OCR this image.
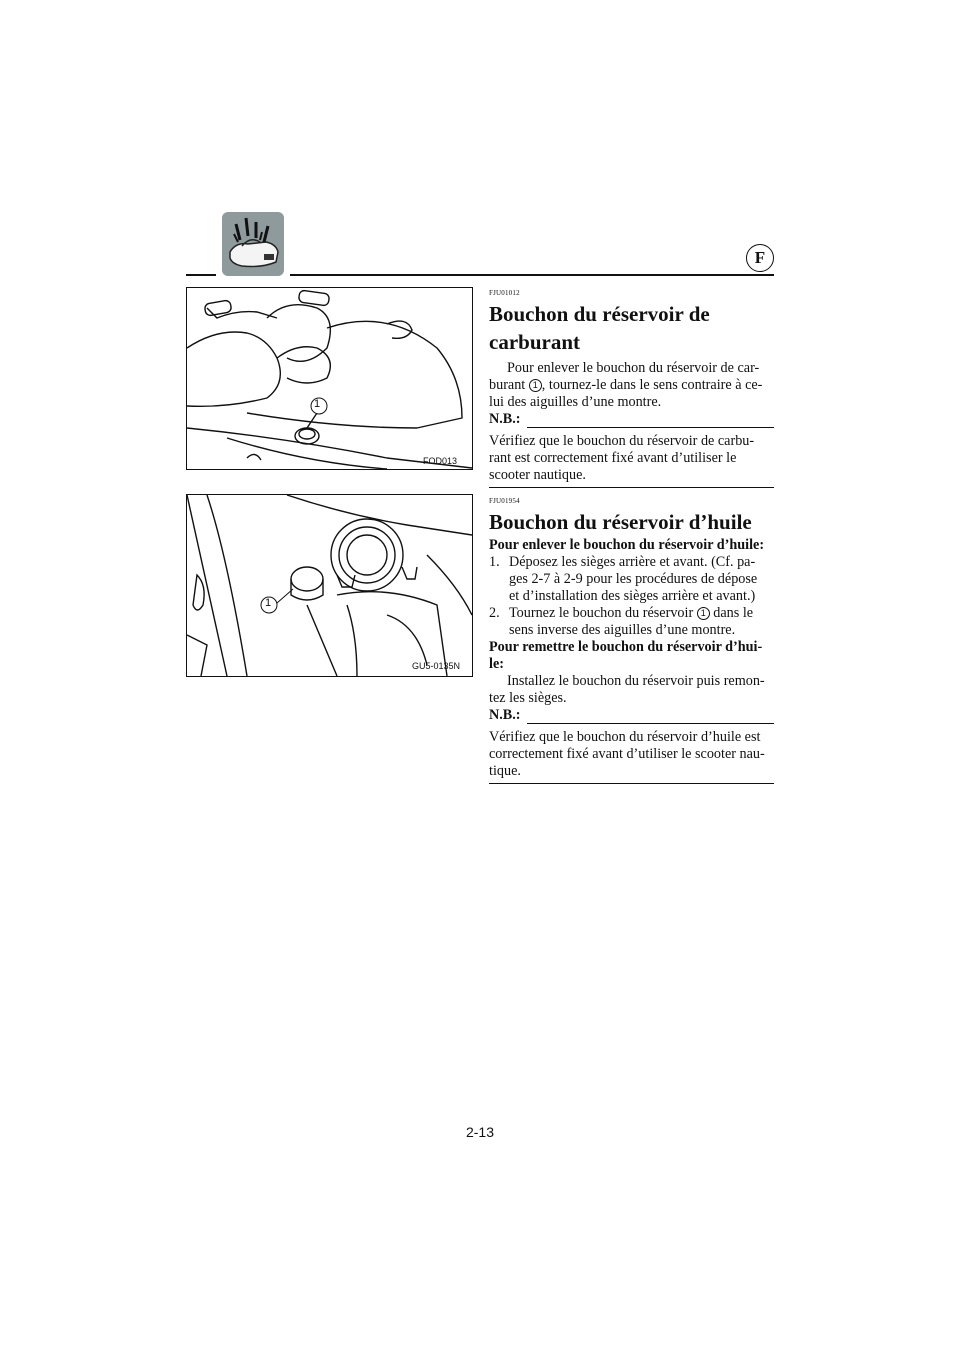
F
1
FOD013
1
GU5-0135N
FJU01012
Bouchon du réservoir de
carburant
Pour enlever le bouchon du réservoir de car-
burant 1 , tournez-le dans le sens contraire à ce-
lui des aiguilles d’une montre.
N.B.:
Vérifiez que le bouchon du réservoir de carbu-
rant est correctement fixé avant d’utiliser le
scooter nautique.
FJU01954
Bouchon du réservoir d’huile
Pour enlever le bouchon du réservoir d’huile:
1. Déposez les sièges arrière et avant. (Cf. pa-
ges 2-7 à 2-9 pour les procédures de dépose
et d’installation des sièges arrière et avant.)
2. Tournez le bouchon du réservoir 1 dans le
sens inverse des aiguilles d’une montre.
Pour remettre le bouchon du réservoir d’hui-
le:
Installez le bouchon du réservoir puis remon-
tez les sièges.
N.B.:
Vérifiez que le bouchon du réservoir d’huile est
correctement fixé avant d’utiliser le scooter nau-
tique.
2-13
